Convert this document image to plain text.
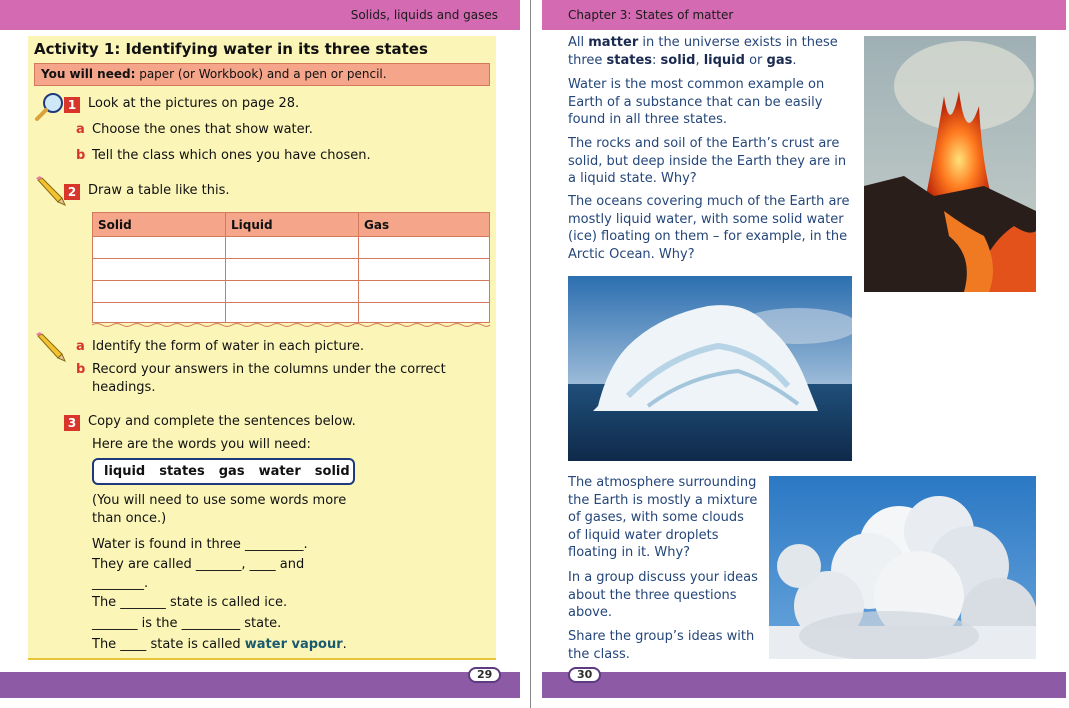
Solids, liquids and gases
Activity 1: Identifying water in its three states
You will need: paper (or Workbook) and a pen or pencil.
1 Look at the pictures on page 28.
a Choose the ones that show water.
b Tell the class which ones you have chosen.
2 Draw a table like this.
Solid	Liquid	Gas

a Identify the form of water in each picture.
b Record your answers in the columns under the correct
headings.
3 Copy and complete the sentences below.
Here are the words you will need:
liquid states gas water solid
(You will need to use some words more
than once.)
Water is found in three _________.
They are called _______, ____ and
________.
The _______ state is called ice.
_______ is the _________ state.
The ____ state is called water vapour.
29
Chapter 3: States of matter
All matter in the universe exists in these
three states: solid, liquid or gas.
Water is the most common example on
Earth of a substance that can be easily
found in all three states.
The rocks and soil of the Earth’s crust are
solid, but deep inside the Earth they are in
a liquid state. Why?
The oceans covering much of the Earth are
mostly liquid water, with some solid water
(ice) floating on them – for example, in the
Arctic Ocean. Why?
The atmosphere surrounding
the Earth is mostly a mixture
of gases, with some clouds
of liquid water droplets
floating in it. Why?
In a group discuss your ideas
about the three questions
above.
Share the group’s ideas with
the class.
30
